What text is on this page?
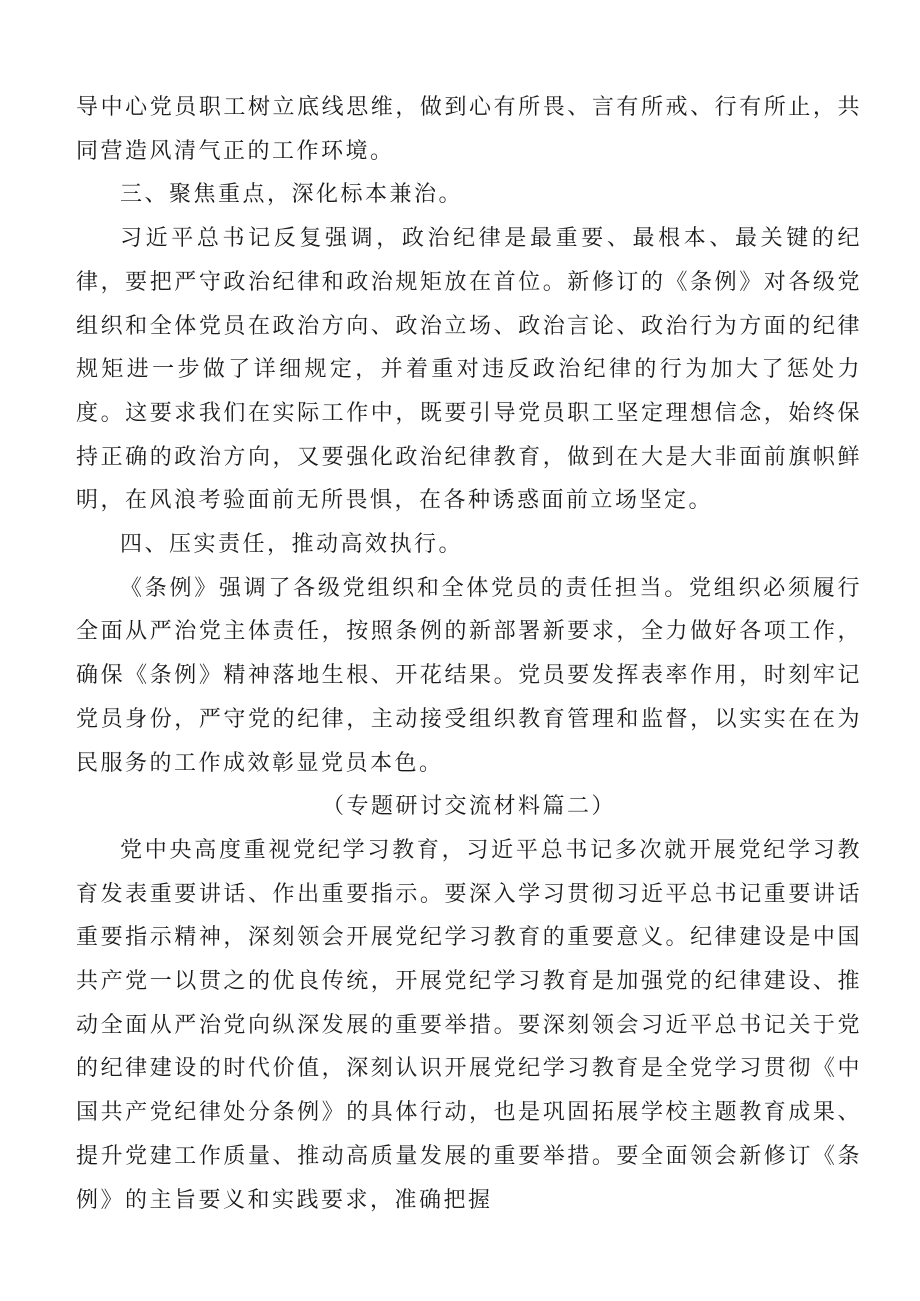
导中心党员职工树立底线思维，做到心有所畏、言有所戒、行有所止，共同营造风清气正的工作环境。

三、聚焦重点，深化标本兼治。

习近平总书记反复强调，政治纪律是最重要、最根本、最关键的纪律，要把严守政治纪律和政治规矩放在首位。新修订的《条例》对各级党组织和全体党员在政治方向、政治立场、政治言论、政治行为方面的纪律规矩进一步做了详细规定，并着重对违反政治纪律的行为加大了惩处力度。这要求我们在实际工作中，既要引导党员职工坚定理想信念，始终保持正确的政治方向，又要强化政治纪律教育，做到在大是大非面前旗帜鲜明，在风浪考验面前无所畏惧，在各种诱惑面前立场坚定。

四、压实责任，推动高效执行。

《条例》强调了各级党组织和全体党员的责任担当。党组织必须履行全面从严治党主体责任，按照条例的新部署新要求，全力做好各项工作，确保《条例》精神落地生根、开花结果。党员要发挥表率作用，时刻牢记党员身份，严守党的纪律，主动接受组织教育管理和监督，以实实在在为民服务的工作成效彰显党员本色。

（专题研讨交流材料篇二）

党中央高度重视党纪学习教育，习近平总书记多次就开展党纪学习教育发表重要讲话、作出重要指示。要深入学习贯彻习近平总书记重要讲话重要指示精神，深刻领会开展党纪学习教育的重要意义。纪律建设是中国共产党一以贯之的优良传统，开展党纪学习教育是加强党的纪律建设、推动全面从严治党向纵深发展的重要举措。要深刻领会习近平总书记关于党的纪律建设的时代价值，深刻认识开展党纪学习教育是全党学习贯彻《中国共产党纪律处分条例》的具体行动，也是巩固拓展学校主题教育成果、提升党建工作质量、推动高质量发展的重要举措。要全面领会新修订《条例》的主旨要义和实践要求，准确把握
